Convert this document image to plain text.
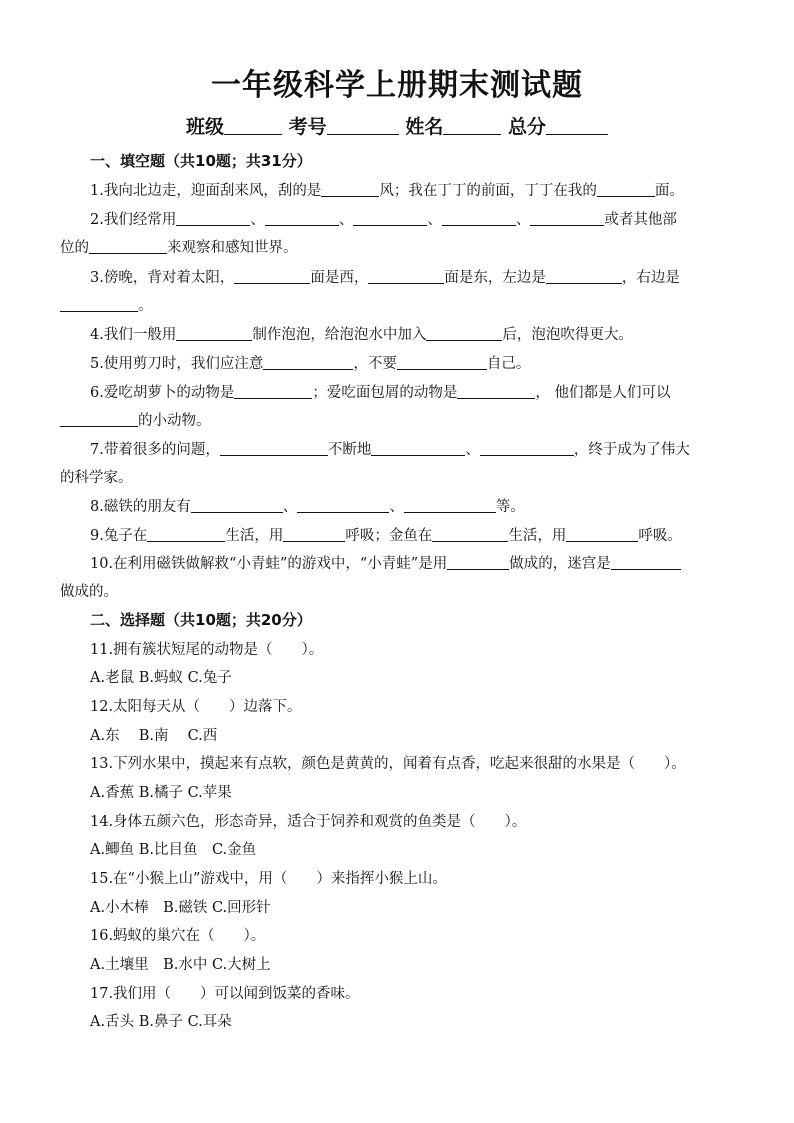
一年级科学上册期末测试题
班级	考号	姓名	总分
一、填空题（共10题；共31分）
1.我向北边走，迎面刮来风，刮的是	风；我在丁丁的前面，丁丁在我的	面。
2.我们经常用	、	、	、	、	或者其他部
位的	来观察和感知世界。
3.傍晚，背对着太阳，	面是西，	面是东，左边是	，右边是
。
4.我们一般用	制作泡泡，给泡泡水中加入	后，泡泡吹得更大。
5.使用剪刀时，我们应注意	，不要	自己。
6.爱吃胡萝卜的动物是	；爱吃面包屑的动物是	， 他们都是人们可以
的小动物。
7.带着很多的问题，	不断地	、	，终于成为了伟大
的科学家。
8.磁铁的朋友有	、	、	等。
9.兔子在	生活，用	呼吸；金鱼在	生活，用	呼吸。
10.在利用磁铁做解救“小青蛙”的游戏中，“小青蛙”是用	做成的，迷宫是
做成的。
二、选择题（共10题；共20分）
11.拥有簇状短尾的动物是（　　）。
A.老鼠 B.蚂蚁 C.兔子
12.太阳每天从（　　）边落下。
A.东　 B.南　 C.西
13.下列水果中，摸起来有点软，颜色是黄黄的，闻着有点香，吃起来很甜的水果是（　　）。
A.香蕉 B.橘子 C.苹果
14.身体五颜六色，形态奇异，适合于饲养和观赏的鱼类是（　　）。
A.鲫鱼 B.比目鱼　C.金鱼
15.在“小猴上山”游戏中，用（　　）来指挥小猴上山。
A.小木棒　B.磁铁 C.回形针
16.蚂蚁的巢穴在（　　）。
A.土壤里　B.水中 C.大树上
17.我们用（　　）可以闻到饭菜的香味。
A.舌头 B.鼻子 C.耳朵
